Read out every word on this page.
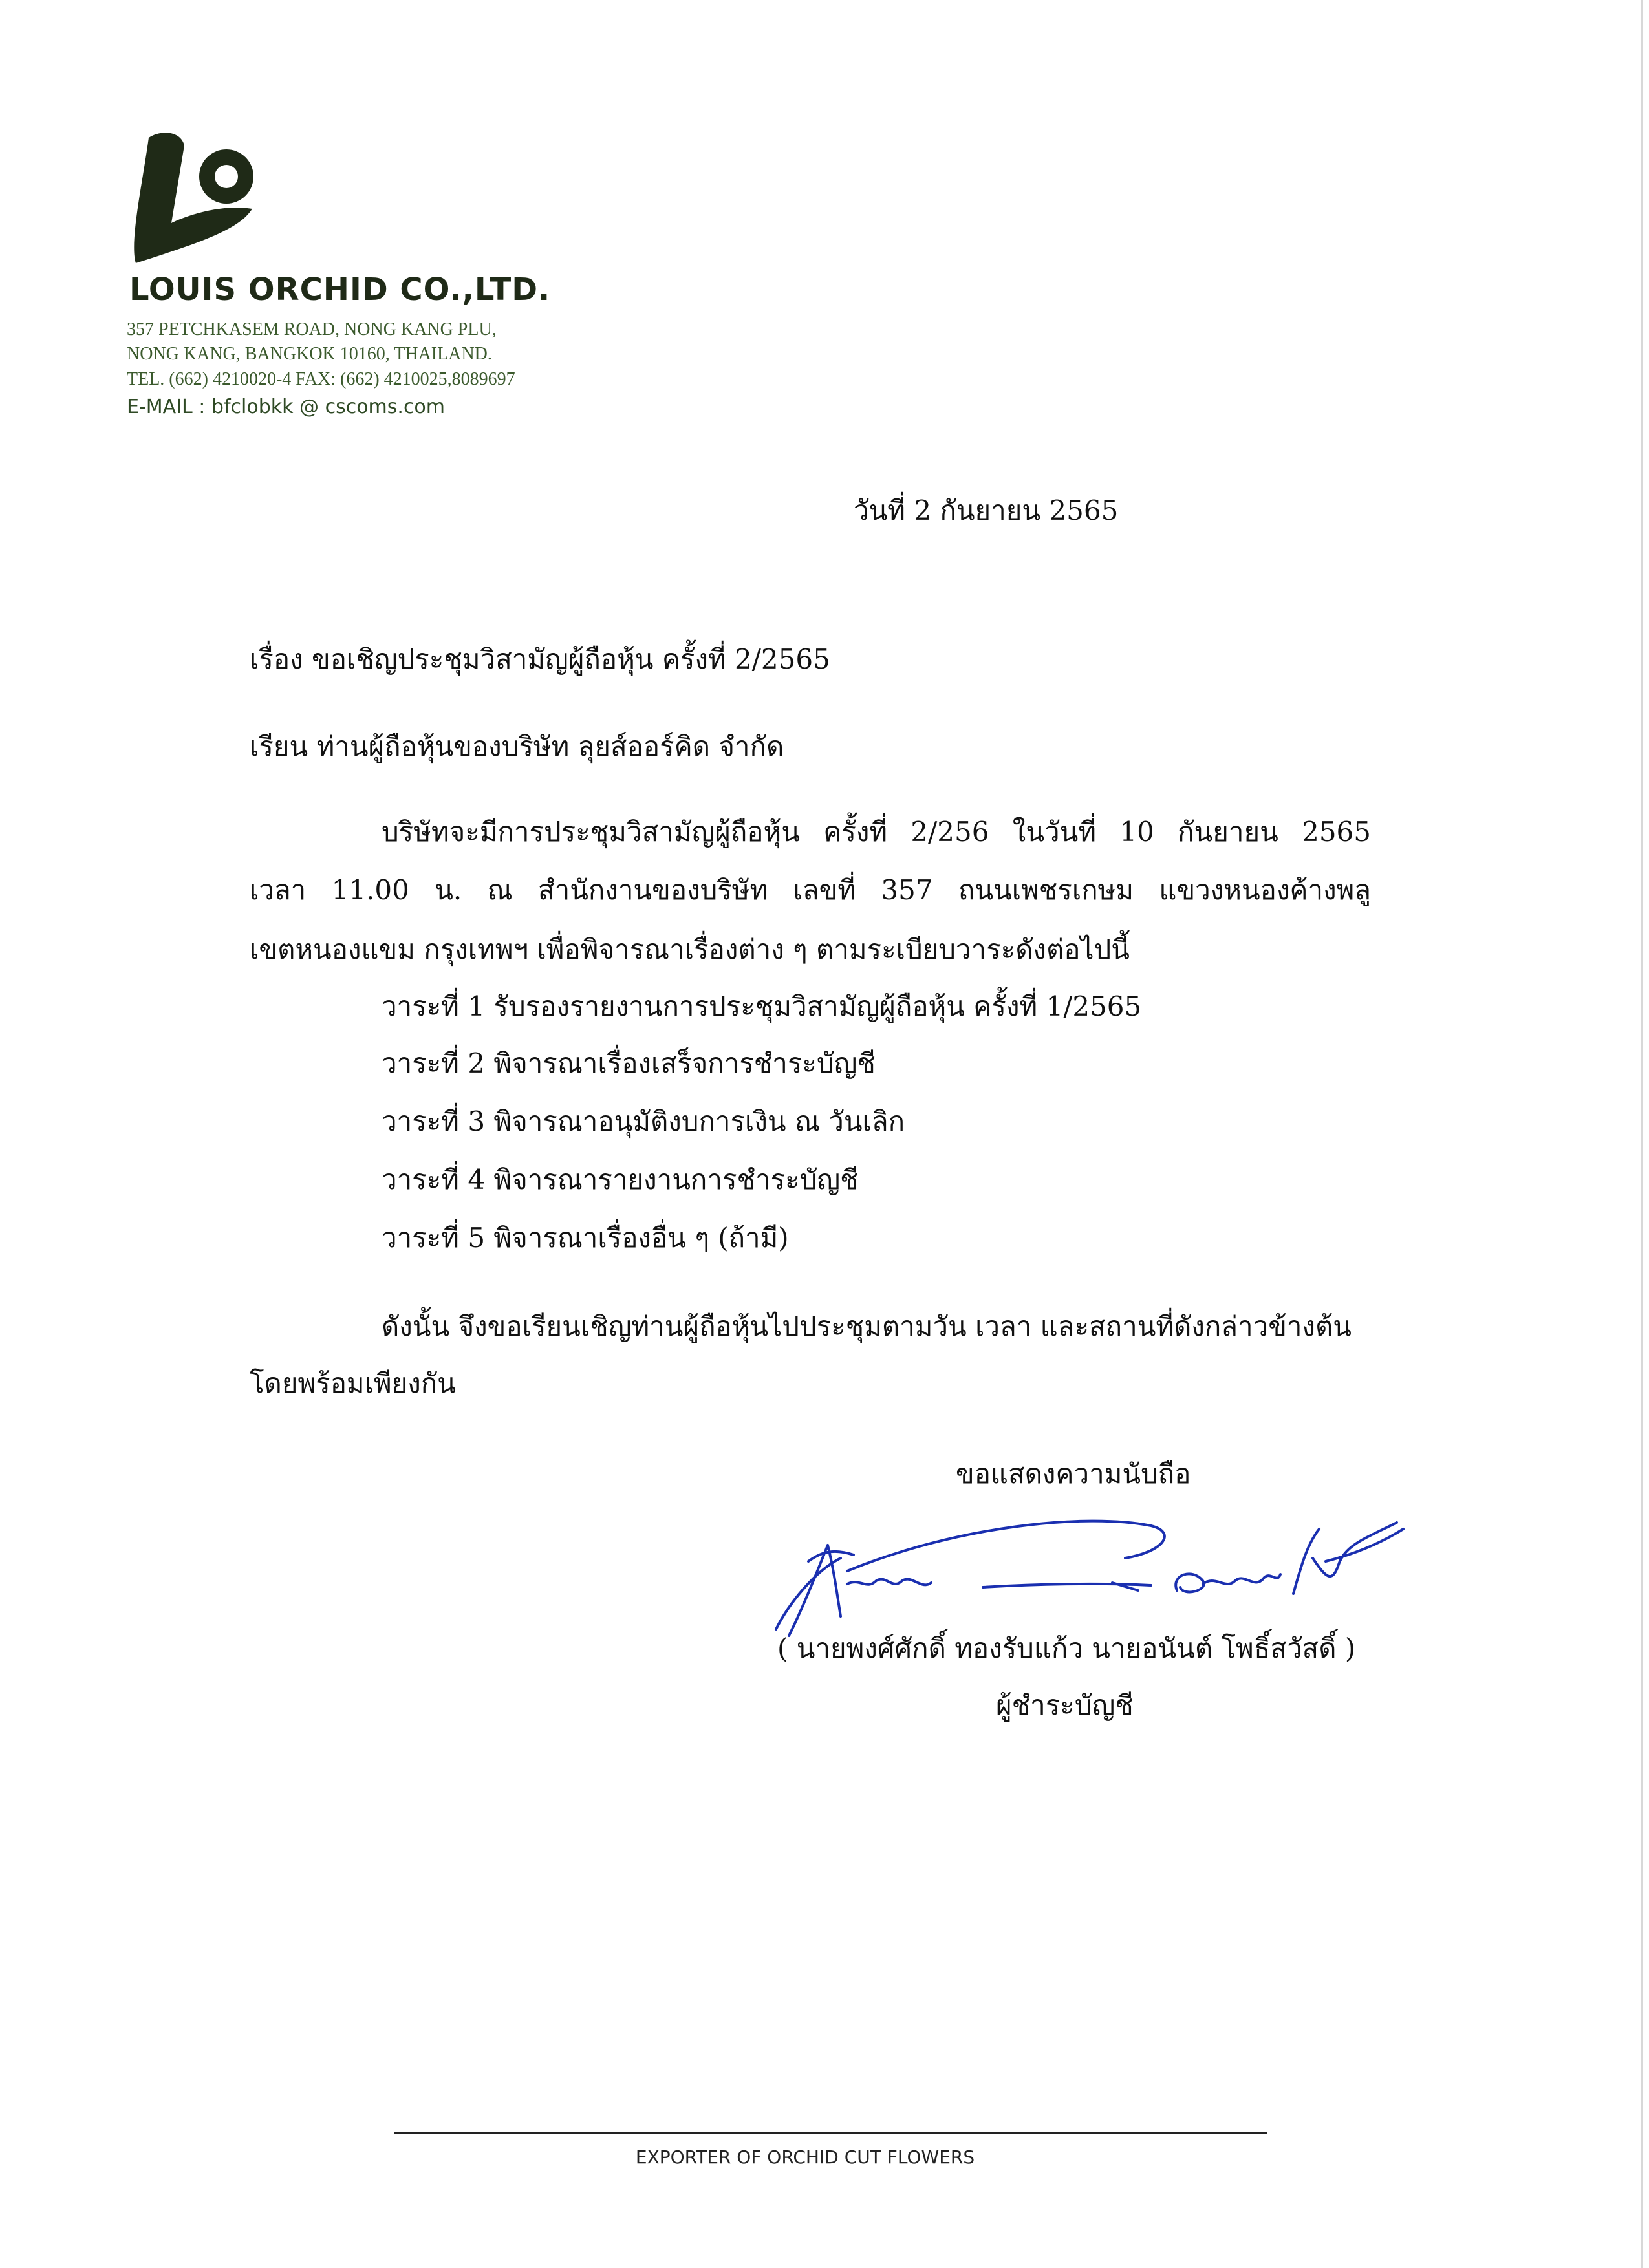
LOUIS ORCHID CO.,LTD.
357 PETCHKASEM ROAD, NONG KANG PLU,
NONG KANG, BANGKOK 10160, THAILAND.
TEL. (662) 4210020-4 FAX: (662) 4210025,8089697
E-MAIL : bfclobkk @ cscoms.com
วันที่ 2 กันยายน 2565
เรื่อง ขอเชิญประชุมวิสามัญผู้ถือหุ้น ครั้งที่ 2/2565
เรียน ท่านผู้ถือหุ้นของบริษัท ลุยส์ออร์คิด จำกัด
บริษัทจะมีการประชุมวิสามัญผู้ถือหุ้น ครั้งที่ 2/256 ในวันที่ 10 กันยายน 2565
เวลา 11.00 น. ณ สำนักงานของบริษัท เลขที่ 357 ถนนเพชรเกษม แขวงหนองค้างพลู
เขตหนองแขม กรุงเทพฯ เพื่อพิจารณาเรื่องต่าง ๆ ตามระเบียบวาระดังต่อไปนี้
วาระที่ 1 รับรองรายงานการประชุมวิสามัญผู้ถือหุ้น ครั้งที่ 1/2565
วาระที่ 2 พิจารณาเรื่องเสร็จการชำระบัญชี
วาระที่ 3 พิจารณาอนุมัติงบการเงิน ณ วันเลิก
วาระที่ 4 พิจารณารายงานการชำระบัญชี
วาระที่ 5 พิจารณาเรื่องอื่น ๆ (ถ้ามี)
ดังนั้น จึงขอเรียนเชิญท่านผู้ถือหุ้นไปประชุมตามวัน เวลา และสถานที่ดังกล่าวข้างต้น
โดยพร้อมเพียงกัน
ขอแสดงความนับถือ
( นายพงศ์ศักดิ์ ทองรับแก้ว นายอนันต์ โพธิ์สวัสดิ์ )
ผู้ชำระบัญชี
EXPORTER OF ORCHID CUT FLOWERS
